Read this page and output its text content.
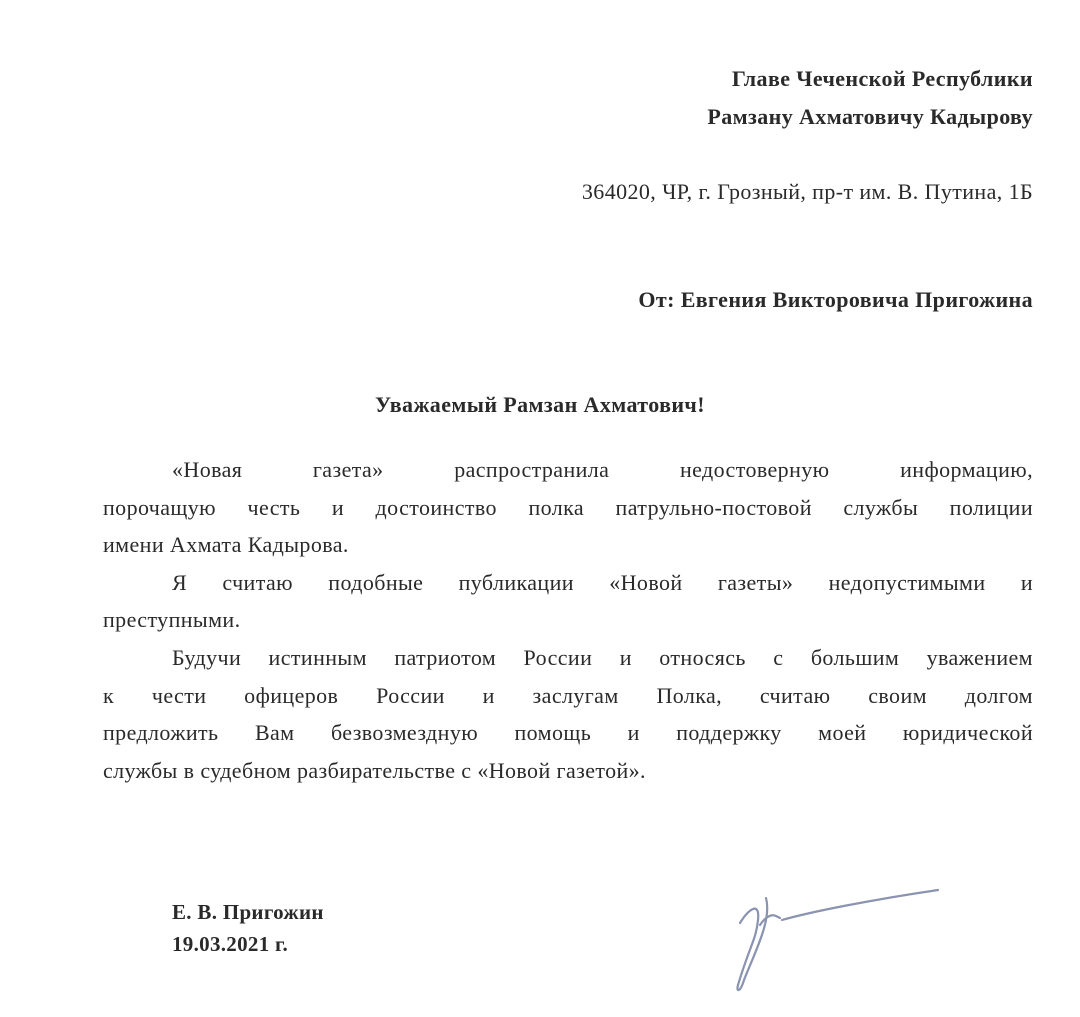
Главе Чеченской Республики
Рамзану Ахматовичу Кадырову
364020, ЧР, г. Грозный, пр-т им. В. Путина, 1Б
От: Евгения Викторовича Пригожина
Уважаемый Рамзан Ахматович!
«Новая газета» распространила недостоверную информацию,
порочащую честь и достоинство полка патрульно-постовой службы полиции
имени Ахмата Кадырова.
Я считаю подобные публикации «Новой газеты» недопустимыми и
преступными.
Будучи истинным патриотом России и относясь с большим уважением
к чести офицеров России и заслугам Полка, считаю своим долгом
предложить Вам безвозмездную помощь и поддержку моей юридической
службы в судебном разбирательстве с «Новой газетой».
Е. В. Пригожин
19.03.2021 г.
